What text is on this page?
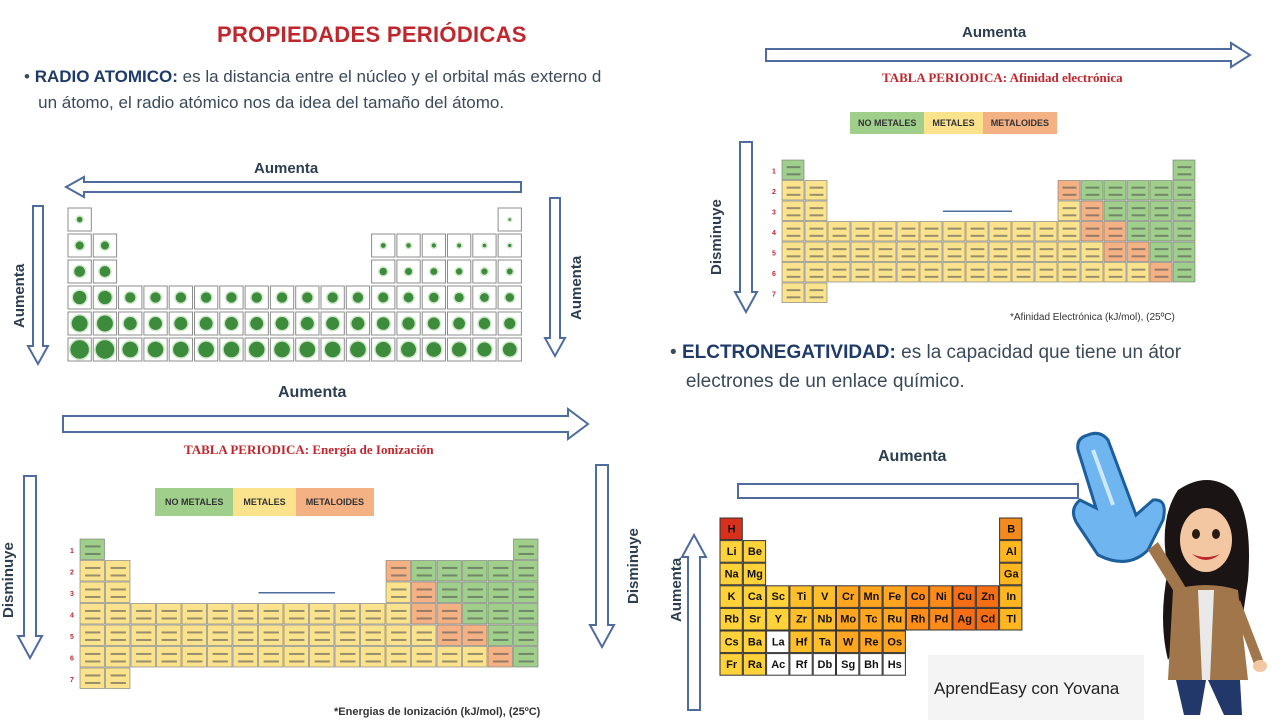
PROPIEDADES PERIÓDICAS
• RADIO ATOMICO: es la distancia entre el núcleo y el orbital más externo d
un átomo, el radio atómico nos da idea del tamaño del átomo.
Aumenta
Aumenta	Aumenta
Aumenta
TABLA PERIODICA: Afinidad electrónica
NO METALES	METALES	METALOIDES
Disminuye
1
2
3
4
5
6
7
*Afinidad Electrónica (kJ/mol), (25ºC)
Aumenta
TABLA PERIODICA: Energía de Ionización
NO METALES	METALES	METALOIDES
Disminuye	Disminuye
1
2
3
4
5
6
7
*Energias de Ionización (kJ/mol), (25ºC)
• ELCTRONEGATIVIDAD: es la capacidad que tiene un átor
electrones de un enlace químico.
Aumenta
Aumenta
H	B
Li Be	Al
Na Mg	Ga
K Ca Sc Ti V Cr Mn Fe Co Ni Cu Zn In
Rb Sr Y Zr Nb Mo Tc Ru Rh Pd Ag Cd Tl
Cs Ba La Hf Ta W Re Os
Fr Ra Ac Rf Db Sg Bh Hs
AprendEasy con Yovana
